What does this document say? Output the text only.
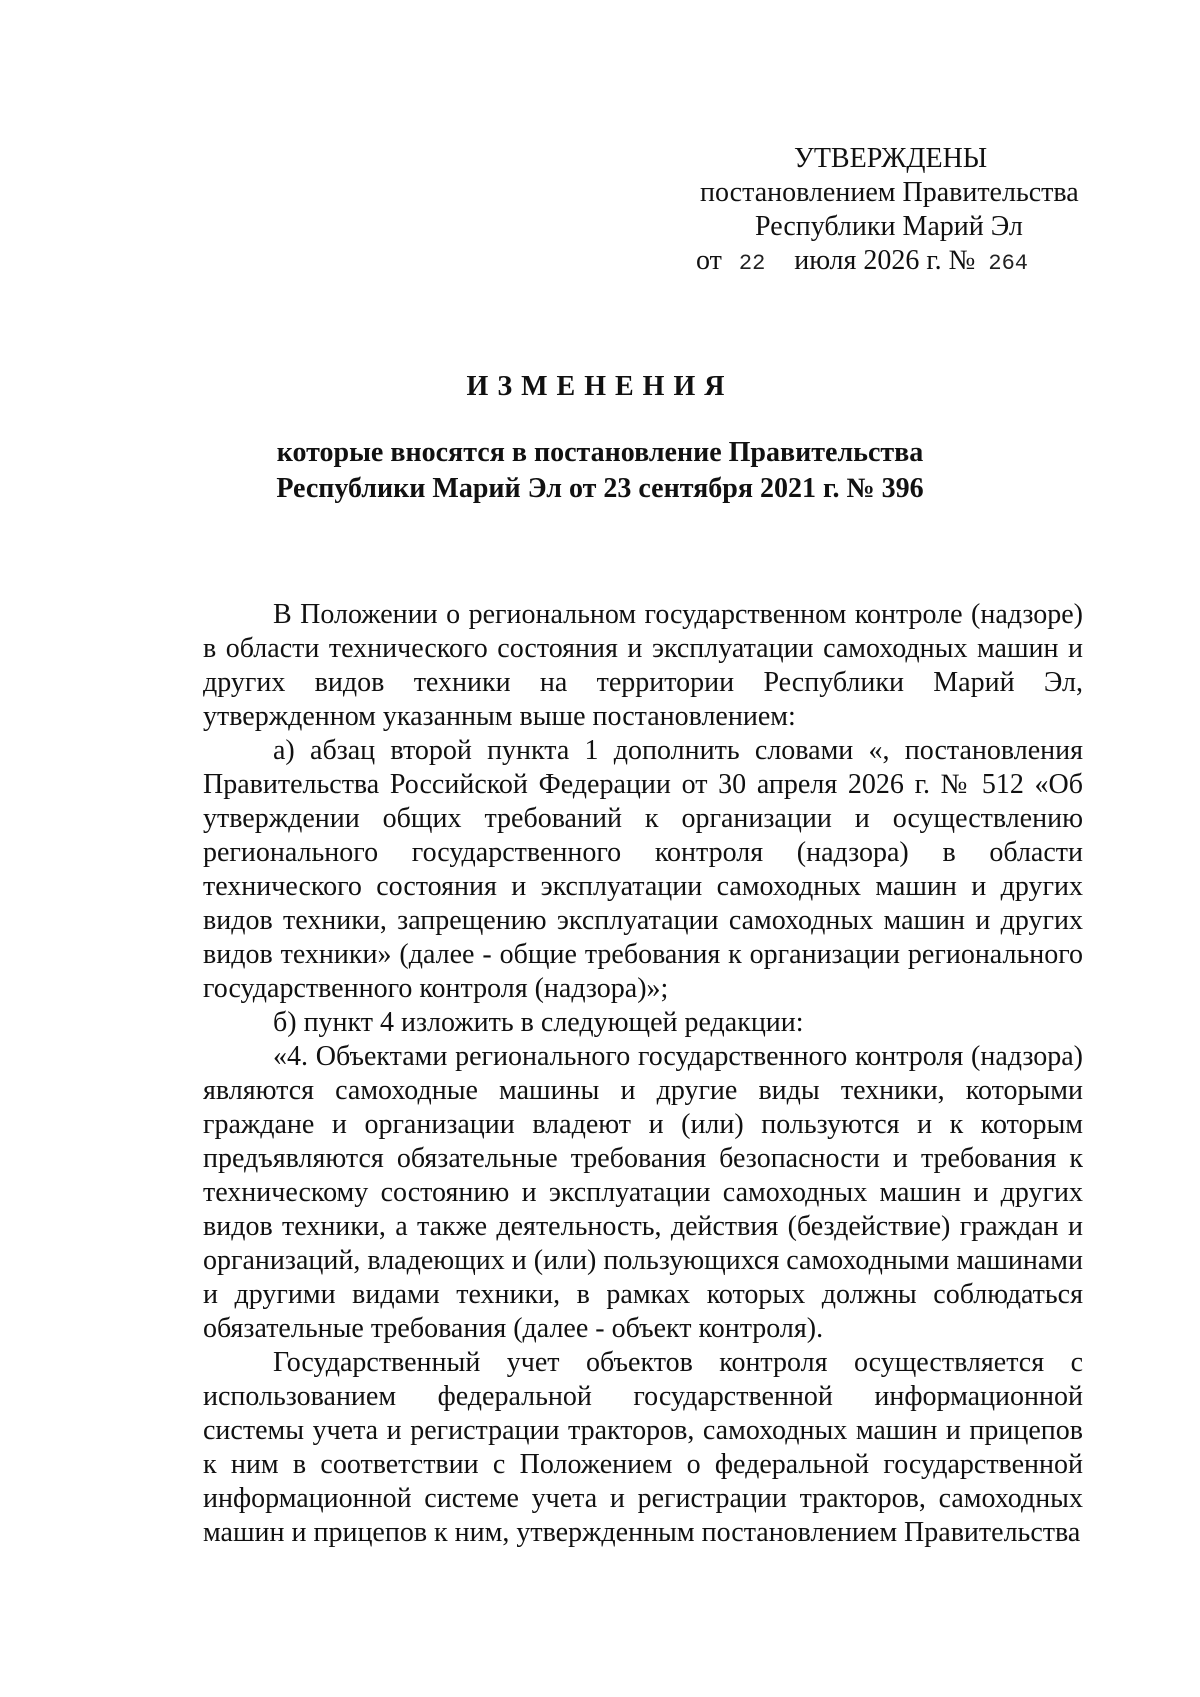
УТВЕРЖДЕНЫ
постановлением Правительства
Республики Марий Эл
от 22 июля 2026 г. № 264
ИЗМЕНЕНИЯ
которые вносятся в постановление Правительства
Республики Марий Эл от 23 сентября 2021 г. № 396

В Положении о региональном государственном контроле (надзоре) в области технического состояния и эксплуатации самоходных машин и других видов техники на территории Республики Марий Эл, утвержденном указанным выше постановлением:

а) абзац второй пункта 1 дополнить словами «, постановления Правительства Российской Федерации от 30 апреля 2026 г. № 512 «Об утверждении общих требований к организации и осуществлению регионального государственного контроля (надзора) в области технического состояния и эксплуатации самоходных машин и других видов техники, запрещению эксплуатации самоходных машин и других видов техники» (далее - общие требования к организации регионального государственного контроля (надзора)»;

б) пункт 4 изложить в следующей редакции:

«4. Объектами регионального государственного контроля (надзора) являются самоходные машины и другие виды техники, которыми граждане и организации владеют и (или) пользуются и к которым предъявляются обязательные требования безопасности и требования к техническому состоянию и эксплуатации самоходных машин и других видов техники, а также деятельность, действия (бездействие) граждан и организаций, владеющих и (или) пользующихся самоходными машинами и другими видами техники, в рамках которых должны соблюдаться обязательные требования (далее - объект контроля).

Государственный учет объектов контроля осуществляется с использованием федеральной государственной информационной системы учета и регистрации тракторов, самоходных машин и прицепов к ним в соответствии с Положением о федеральной государственной информационной системе учета и регистрации тракторов, самоходных машин и прицепов к ним, утвержденным постановлением Правительства
